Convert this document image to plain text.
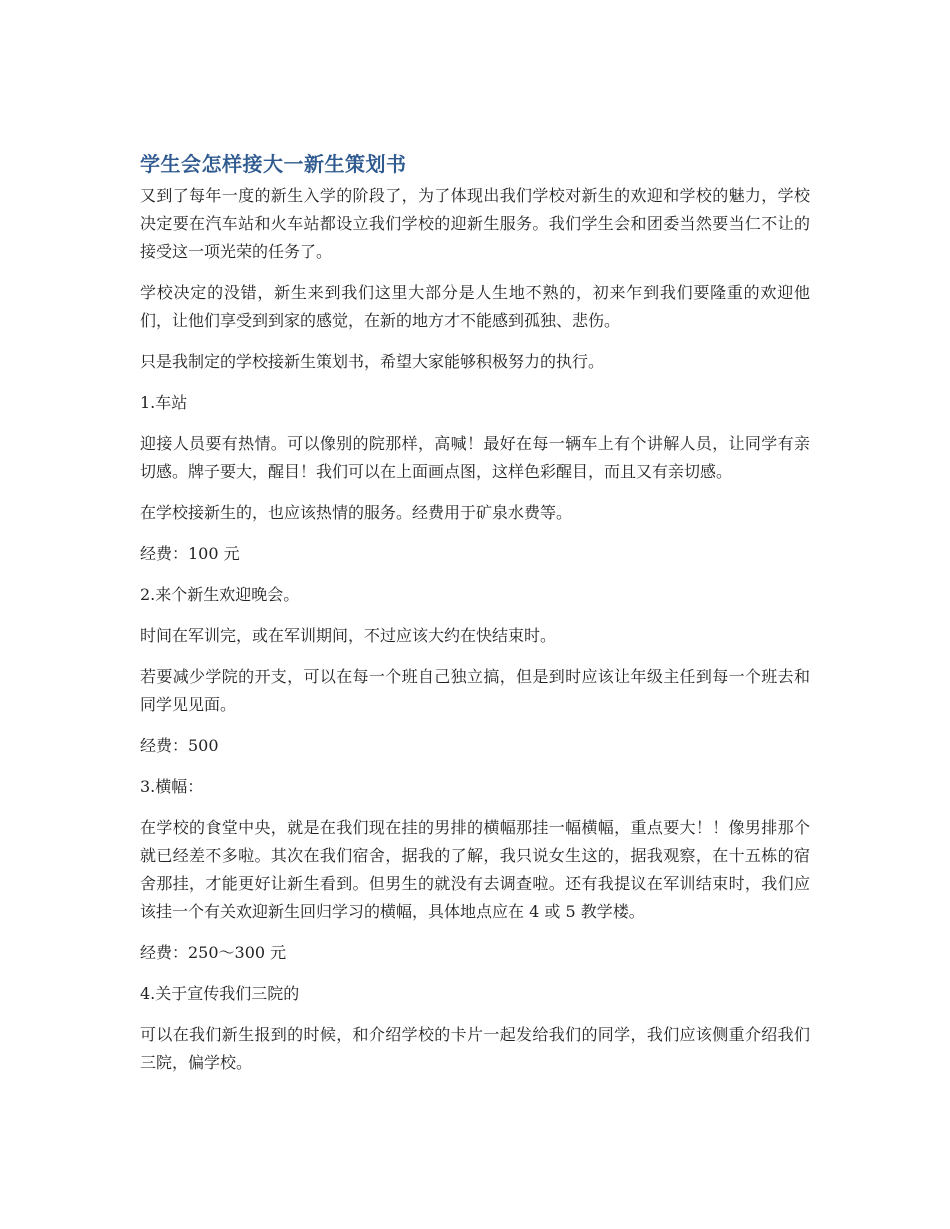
学生会怎样接大一新生策划书

又到了每年一度的新生入学的阶段了，为了体现出我们学校对新生的欢迎和学校的魅力，学校决定要在汽车站和火车站都设立我们学校的迎新生服务。我们学生会和团委当然要当仁不让的接受这一项光荣的任务了。

学校决定的没错，新生来到我们这里大部分是人生地不熟的，初来乍到我们要隆重的欢迎他们，让他们享受到到家的感觉，在新的地方才不能感到孤独、悲伤。

只是我制定的学校接新生策划书，希望大家能够积极努力的执行。

1.车站

迎接人员要有热情。可以像别的院那样，高喊！最好在每一辆车上有个讲解人员，让同学有亲切感。牌子要大，醒目！我们可以在上面画点图，这样色彩醒目，而且又有亲切感。

在学校接新生的，也应该热情的服务。经费用于矿泉水费等。

经费：100 元

2.来个新生欢迎晚会。

时间在军训完，或在军训期间，不过应该大约在快结束时。

若要减少学院的开支，可以在每一个班自己独立搞，但是到时应该让年级主任到每一个班去和同学见见面。

经费：500

3.横幅：

在学校的食堂中央，就是在我们现在挂的男排的横幅那挂一幅横幅，重点要大！！像男排那个就已经差不多啦。其次在我们宿舍，据我的了解，我只说女生这的，据我观察，在十五栋的宿舍那挂，才能更好让新生看到。但男生的就没有去调查啦。还有我提议在军训结束时，我们应该挂一个有关欢迎新生回归学习的横幅，具体地点应在 4 或 5 教学楼。

经费：250～300 元

4.关于宣传我们三院的

可以在我们新生报到的时候，和介绍学校的卡片一起发给我们的同学，我们应该侧重介绍我们三院，偏学校。
